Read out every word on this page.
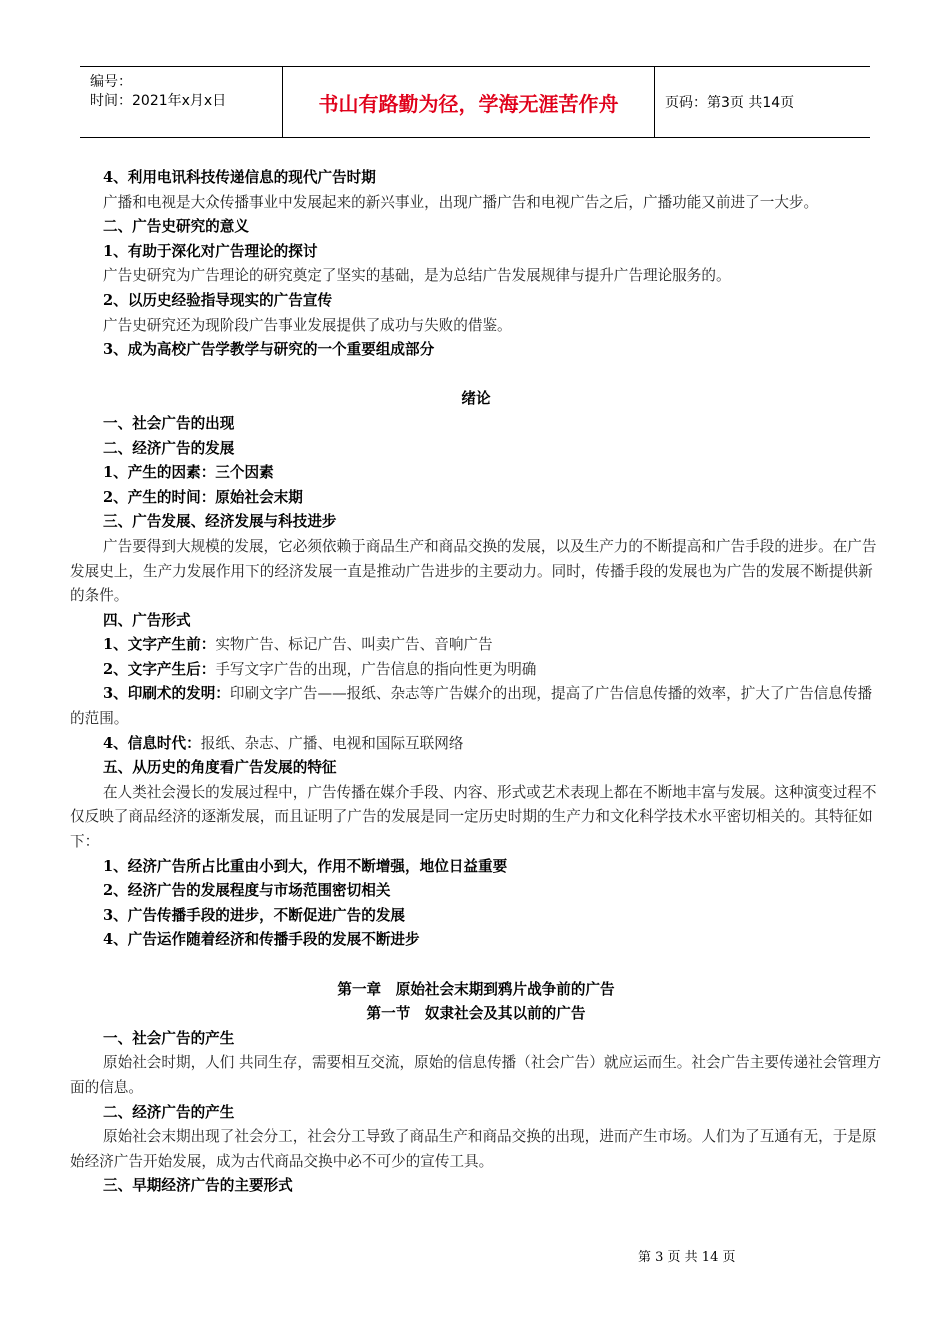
编号：
时间：2021年x月x日	书山有路勤为径，学海无涯苦作舟	页码：第3页 共14页

4、利用电讯科技传递信息的现代广告时期

广播和电视是大众传播事业中发展起来的新兴事业，出现广播广告和电视广告之后，广播功能又前进了一大步。

二、广告史研究的意义

1、有助于深化对广告理论的探讨

广告史研究为广告理论的研究奠定了坚实的基础，是为总结广告发展规律与提升广告理论服务的。

2、以历史经验指导现实的广告宣传

广告史研究还为现阶段广告事业发展提供了成功与失败的借鉴。

3、成为高校广告学教学与研究的一个重要组成部分

绪论

一、社会广告的出现

二、经济广告的发展

1、产生的因素：三个因素

2、产生的时间：原始社会末期

三、广告发展、经济发展与科技进步

广告要得到大规模的发展，它必须依赖于商品生产和商品交换的发展，以及生产力的不断提高和广告手段的进步。在广告发展史上，生产力发展作用下的经济发展一直是推动广告进步的主要动力。同时，传播手段的发展也为广告的发展不断提供新的条件。

四、广告形式

1、文字产生前：实物广告、标记广告、叫卖广告、音响广告

2、文字产生后：手写文字广告的出现，广告信息的指向性更为明确

3、印刷术的发明：印刷文字广告——报纸、杂志等广告媒介的出现，提高了广告信息传播的效率，扩大了广告信息传播的范围。

4、信息时代：报纸、杂志、广播、电视和国际互联网络

五、从历史的角度看广告发展的特征

在人类社会漫长的发展过程中，广告传播在媒介手段、内容、形式或艺术表现上都在不断地丰富与发展。这种演变过程不仅反映了商品经济的逐渐发展，而且证明了广告的发展是同一定历史时期的生产力和文化科学技术水平密切相关的。其特征如下：

1、经济广告所占比重由小到大，作用不断增强，地位日益重要

2、经济广告的发展程度与市场范围密切相关

3、广告传播手段的进步，不断促进广告的发展

4、广告运作随着经济和传播手段的发展不断进步

第一章　原始社会末期到鸦片战争前的广告

第一节　奴隶社会及其以前的广告

一、社会广告的产生

原始社会时期，人们 共同生存，需要相互交流，原始的信息传播（社会广告）就应运而生。社会广告主要传递社会管理方面的信息。

二、经济广告的产生

原始社会末期出现了社会分工，社会分工导致了商品生产和商品交换的出现，进而产生市场。人们为了互通有无，于是原始经济广告开始发展，成为古代商品交换中必不可少的宣传工具。

三、早期经济广告的主要形式

第 3 页 共 14 页
